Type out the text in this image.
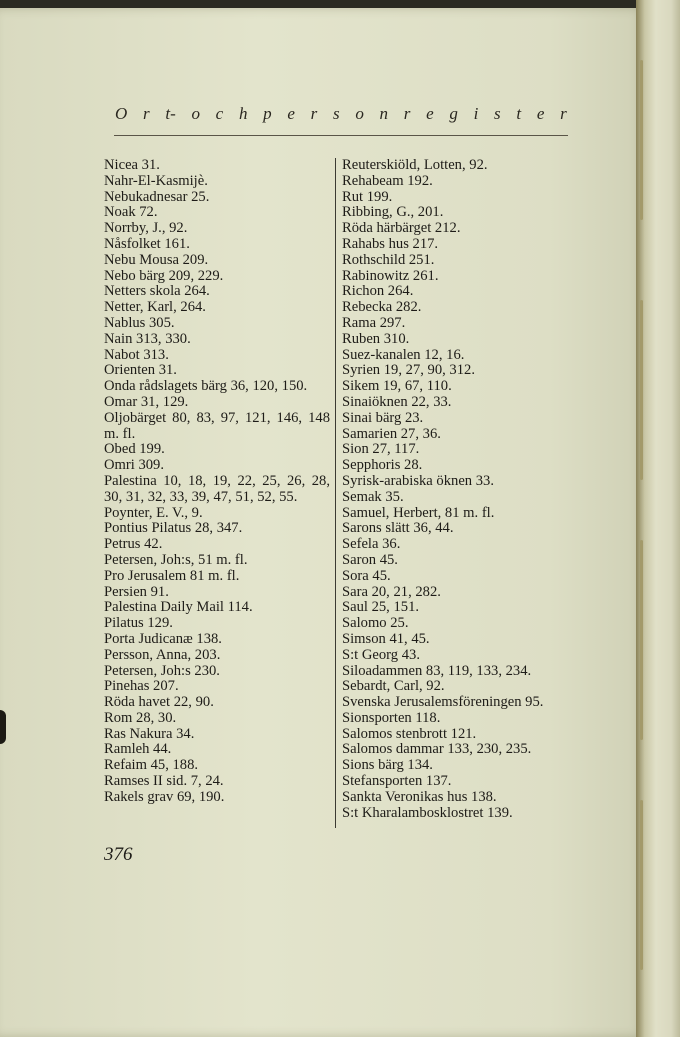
O r t- o c h p e r s o n r e g i s t e r
Nicea 31.
Nahr-El-Kasmijè.
Nebukadnesar 25.
Noak 72.
Norrby, J., 92.
Nåsfolket 161.
Nebu Mousa 209.
Nebo bärg 209, 229.
Netters skola 264.
Netter, Karl, 264.
Nablus 305.
Nain 313, 330.
Nabot 313.
Orienten 31.
Onda rådslagets bärg 36, 120, 150.
Omar 31, 129.
Oljobärget 80, 83, 97, 121, 146, 148 m. fl.
Obed 199.
Omri 309.
Palestina 10, 18, 19, 22, 25, 26, 28, 30, 31, 32, 33, 39, 47, 51, 52, 55.
Poynter, E. V., 9.
Pontius Pilatus 28, 347.
Petrus 42.
Petersen, Joh:s, 51 m. fl.
Pro Jerusalem 81 m. fl.
Persien 91.
Palestina Daily Mail 114.
Pilatus 129.
Porta Judicanæ 138.
Persson, Anna, 203.
Petersen, Joh:s 230.
Pinehas 207.
Röda havet 22, 90.
Rom 28, 30.
Ras Nakura 34.
Ramleh 44.
Refaim 45, 188.
Ramses II sid. 7, 24.
Rakels grav 69, 190.
Reuterskiöld, Lotten, 92.
Rehabeam 192.
Rut 199.
Ribbing, G., 201.
Röda härbärget 212.
Rahabs hus 217.
Rothschild 251.
Rabinowitz 261.
Richon 264.
Rebecka 282.
Rama 297.
Ruben 310.
Suez-kanalen 12, 16.
Syrien 19, 27, 90, 312.
Sikem 19, 67, 110.
Sinaiöknen 22, 33.
Sinai bärg 23.
Samarien 27, 36.
Sion 27, 117.
Sepphoris 28.
Syrisk-arabiska öknen 33.
Semak 35.
Samuel, Herbert, 81 m. fl.
Sarons slätt 36, 44.
Sefela 36.
Saron 45.
Sora 45.
Sara 20, 21, 282.
Saul 25, 151.
Salomo 25.
Simson 41, 45.
S:t Georg 43.
Siloadammen 83, 119, 133, 234.
Sebardt, Carl, 92.
Svenska Jerusalemsföreningen 95.
Sionsporten 118.
Salomos stenbrott 121.
Salomos dammar 133, 230, 235.
Sions bärg 134.
Stefansporten 137.
Sankta Veronikas hus 138.
S:t Kharalambosklostret 139.
376
